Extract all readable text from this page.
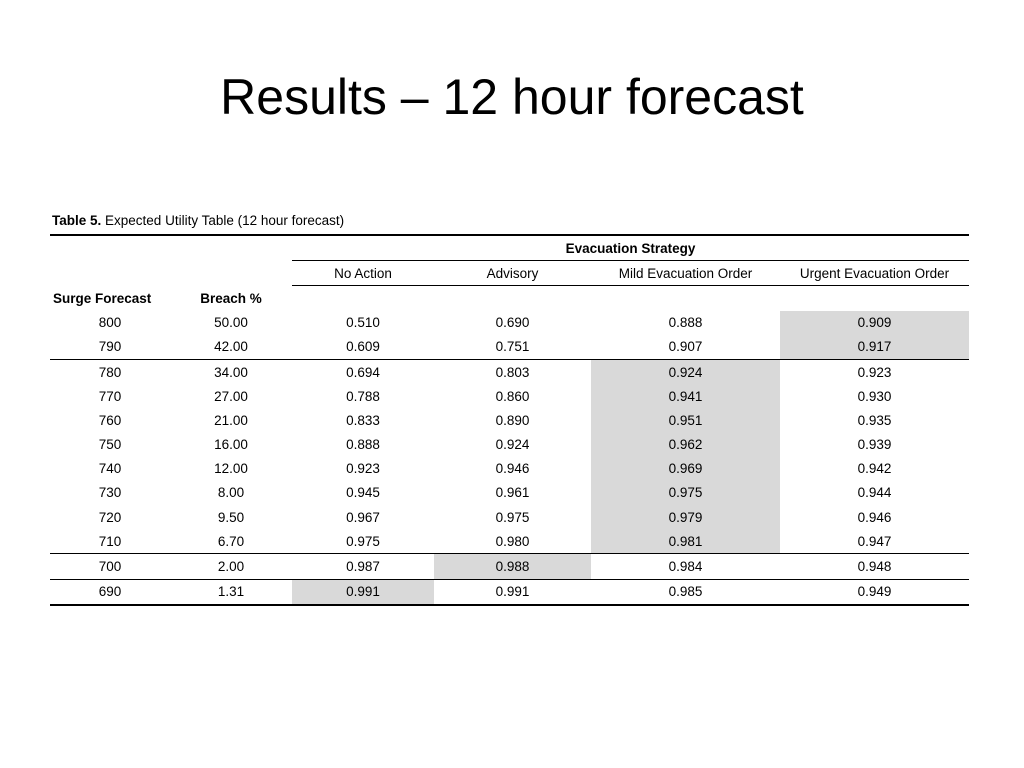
Results – 12 hour forecast
Table 5. Expected Utility Table (12 hour forecast)
		Evacuation Strategy			
		No Action	Advisory	Mild Evacuation Order	Urgent Evacuation Order
Surge Forecast	Breach %				
800	50.00	0.510	0.690	0.888	0.909
790	42.00	0.609	0.751	0.907	0.917
780	34.00	0.694	0.803	0.924	0.923
770	27.00	0.788	0.860	0.941	0.930
760	21.00	0.833	0.890	0.951	0.935
750	16.00	0.888	0.924	0.962	0.939
740	12.00	0.923	0.946	0.969	0.942
730	8.00	0.945	0.961	0.975	0.944
720	9.50	0.967	0.975	0.979	0.946
710	6.70	0.975	0.980	0.981	0.947
700	2.00	0.987	0.988	0.984	0.948
690	1.31	0.991	0.991	0.985	0.949
